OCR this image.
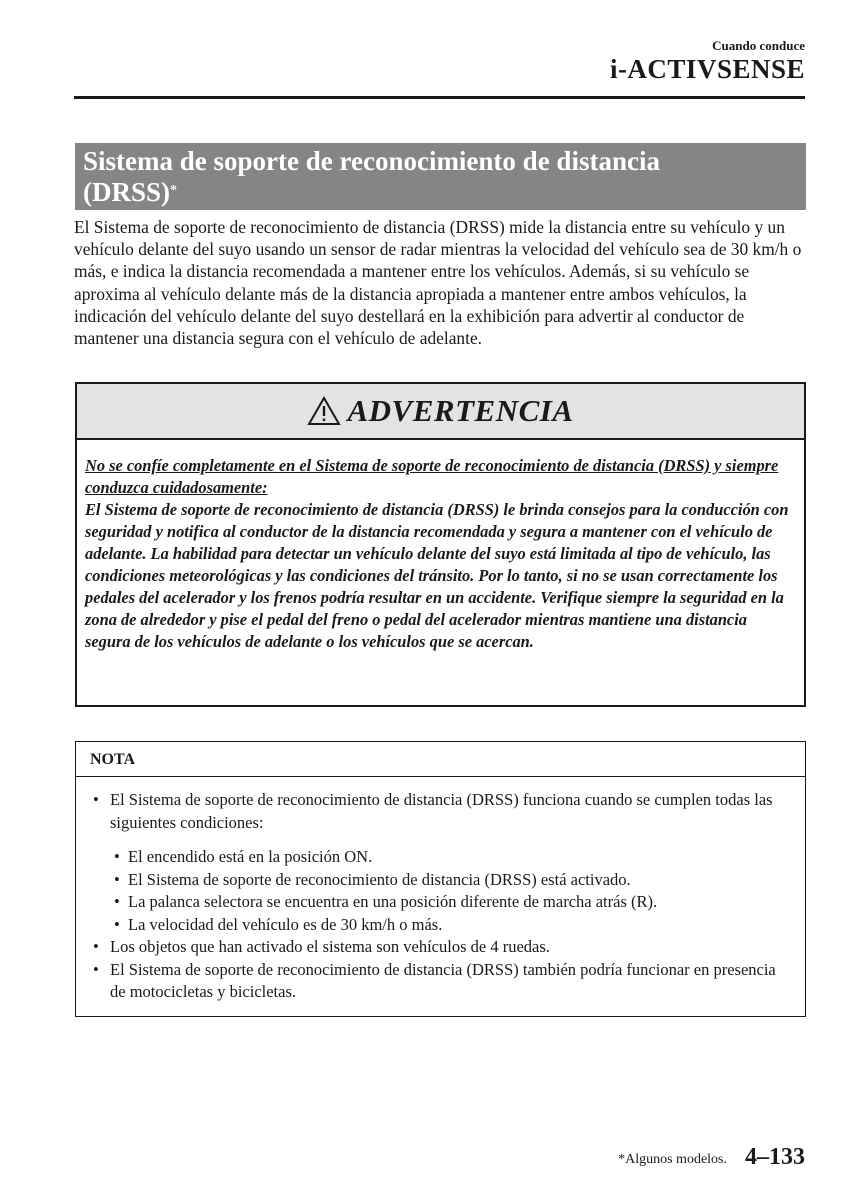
Cuando conduce
i-ACTIVSENSE
Sistema de soporte de reconocimiento de distancia
(DRSS)*

El Sistema de soporte de reconocimiento de distancia (DRSS) mide la distancia entre su vehículo y un vehículo delante del suyo usando un sensor de radar mientras la velocidad del vehículo sea de 30 km/h o más, e indica la distancia recomendada a mantener entre los vehículos. Además, si su vehículo se aproxima al vehículo delante más de la distancia apropiada a mantener entre ambos vehículos, la indicación del vehículo delante del suyo destellará en la exhibición para advertir al conductor de mantener una distancia segura con el vehículo de adelante.

ADVERTENCIA
No se confíe completamente en el Sistema de soporte de reconocimiento de distancia (DRSS) y siempre conduzca cuidadosamente:
El Sistema de soporte de reconocimiento de distancia (DRSS) le brinda consejos para la conducción con seguridad y notifica al conductor de la distancia recomendada y segura a mantener con el vehículo de adelante. La habilidad para detectar un vehículo delante del suyo está limitada al tipo de vehículo, las condiciones meteorológicas y las condiciones del tránsito. Por lo tanto, si no se usan correctamente los pedales del acelerador y los frenos podría resultar en un accidente. Verifique siempre la seguridad en la zona de alrededor y pise el pedal del freno o pedal del acelerador mientras mantiene una distancia segura de los vehículos de adelante o los vehículos que se acercan.
NOTA
• El Sistema de soporte de reconocimiento de distancia (DRSS) funciona cuando se cumplen todas las siguientes condiciones:
• El encendido está en la posición ON.
• El Sistema de soporte de reconocimiento de distancia (DRSS) está activado.
• La palanca selectora se encuentra en una posición diferente de marcha atrás (R).
• La velocidad del vehículo es de 30 km/h o más.
• Los objetos que han activado el sistema son vehículos de 4 ruedas.
• El Sistema de soporte de reconocimiento de distancia (DRSS) también podría funcionar en presencia de motocicletas y bicicletas.
*Algunos modelos. 4–133
